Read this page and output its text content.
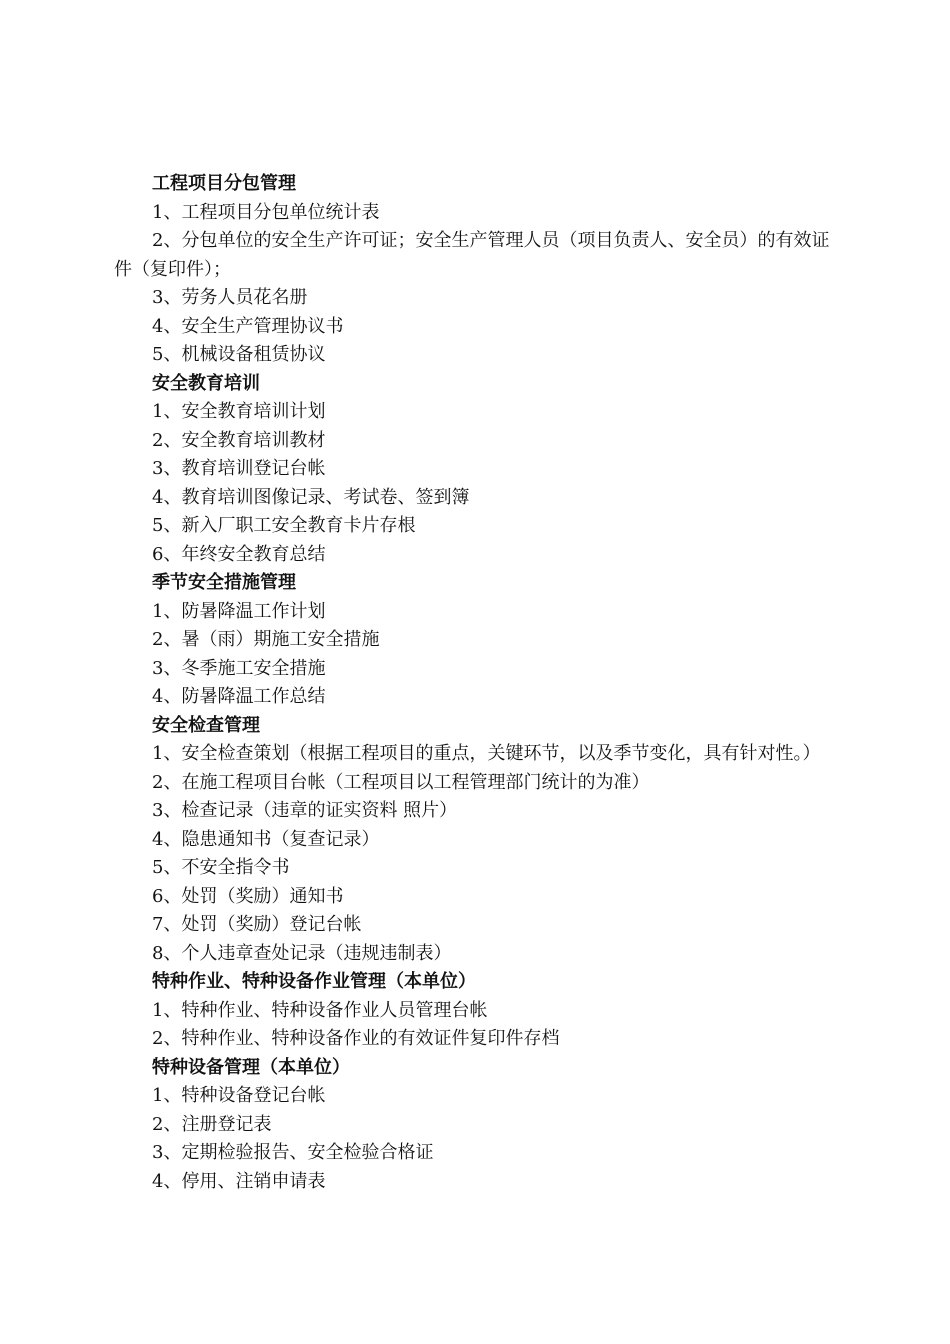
工程项目分包管理
1、工程项目分包单位统计表
2、分包单位的安全生产许可证；安全生产管理人员（项目负责人、安全员）的有效证件（复印件）；
3、劳务人员花名册
4、安全生产管理协议书
5、机械设备租赁协议
安全教育培训
1、安全教育培训计划
2、安全教育培训教材
3、教育培训登记台帐
4、教育培训图像记录、考试卷、签到簿
5、新入厂职工安全教育卡片存根
6、年终安全教育总结
季节安全措施管理
1、防暑降温工作计划
2、暑（雨）期施工安全措施
3、冬季施工安全措施
4、防暑降温工作总结
安全检查管理
1、安全检查策划（根据工程项目的重点，关键环节，以及季节变化，具有针对性。）
2、在施工程项目台帐（工程项目以工程管理部门统计的为准）
3、检查记录（违章的证实资料 照片）
4、隐患通知书（复查记录）
5、不安全指令书
6、处罚（奖励）通知书
7、处罚（奖励）登记台帐
8、个人违章查处记录（违规违制表）
特种作业、特种设备作业管理（本单位）
1、特种作业、特种设备作业人员管理台帐
2、特种作业、特种设备作业的有效证件复印件存档
特种设备管理（本单位）
1、特种设备登记台帐
2、注册登记表
3、定期检验报告、安全检验合格证
4、停用、注销申请表
